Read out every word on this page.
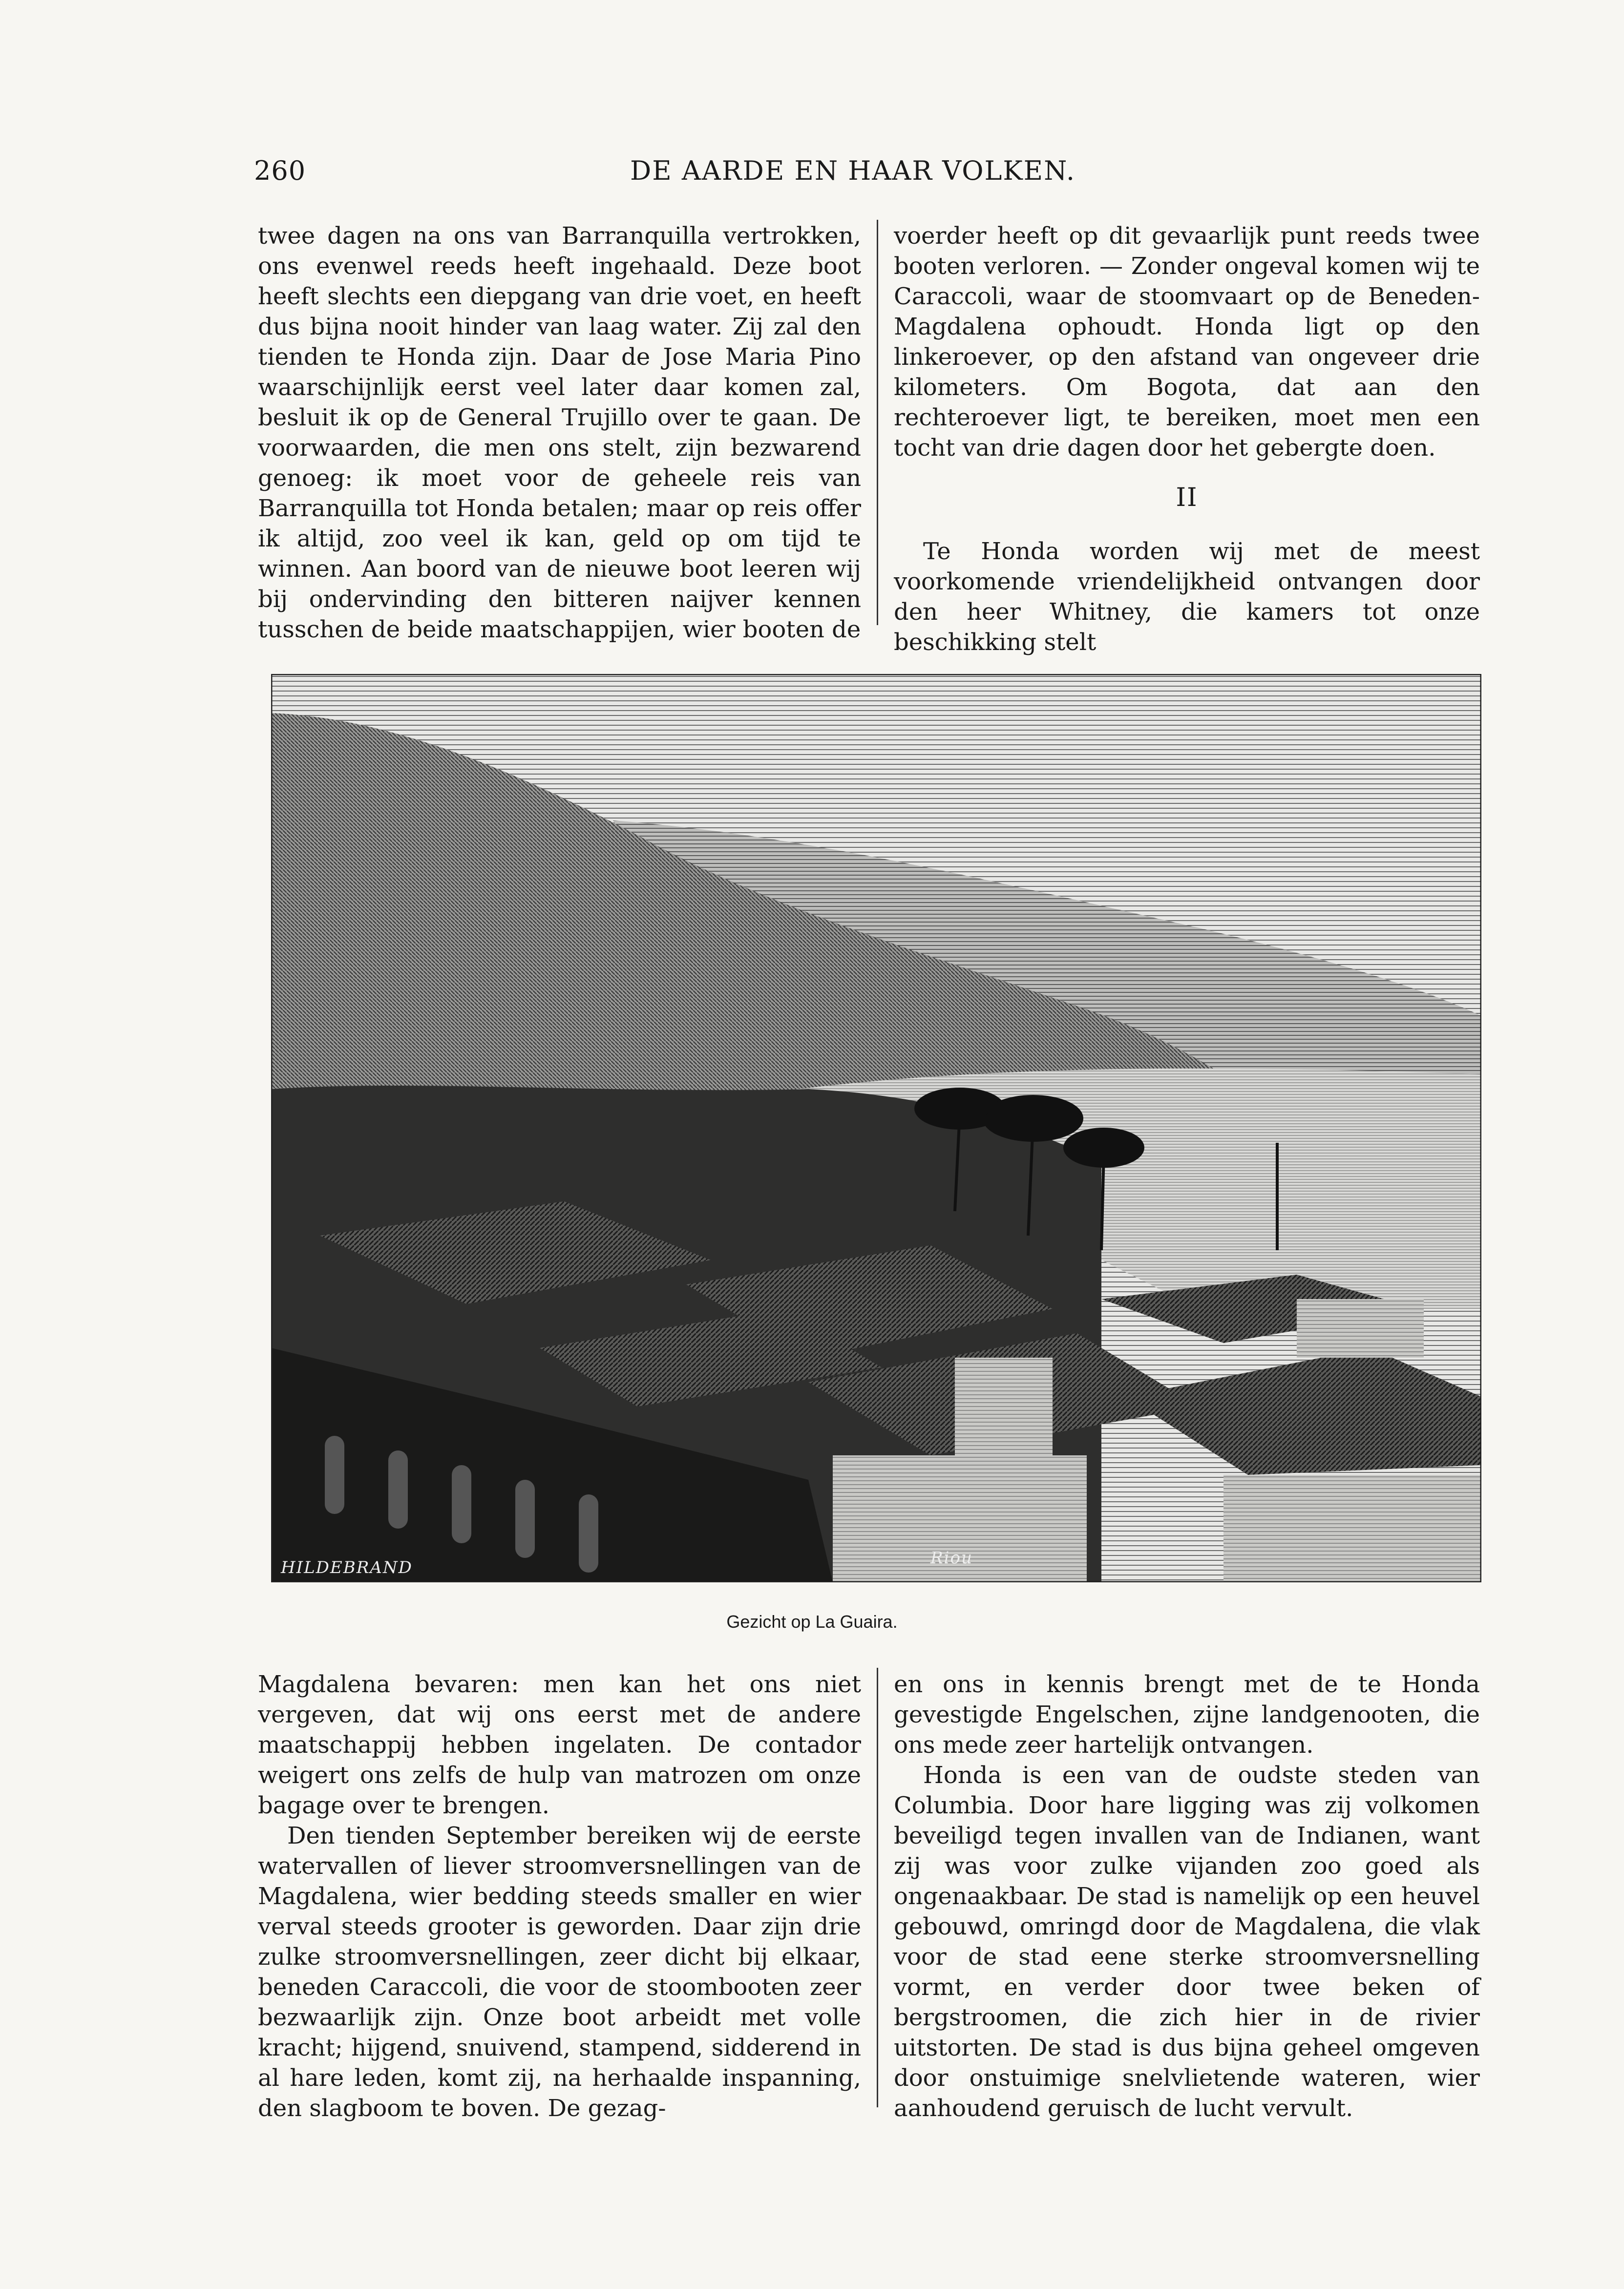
260	DE AARDE EN HAAR VOLKEN.

twee dagen na ons van Barranquilla vertrokken, ons evenwel reeds heeft ingehaald. Deze boot heeft slechts een diepgang van drie voet, en heeft dus bijna nooit hinder van laag water. Zij zal den tienden te Honda zijn. Daar de Jose Maria Pino waarschijnlijk eerst veel later daar komen zal, besluit ik op de General Trujillo over te gaan. De voorwaarden, die men ons stelt, zijn bezwarend genoeg: ik moet voor de geheele reis van Barranquilla tot Honda betalen; maar op reis offer ik altijd, zoo veel ik kan, geld op om tijd te winnen. Aan boord van de nieuwe boot leeren wij bij ondervinding den bitteren naijver kennen tusschen de beide maatschappijen, wier booten de

voerder heeft op dit gevaarlijk punt reeds twee booten verloren. — Zonder ongeval komen wij te Caraccoli, waar de stoomvaart op de Beneden-Magdalena ophoudt. Honda ligt op den linkeroever, op den afstand van ongeveer drie kilometers. Om Bogota, dat aan den rechteroever ligt, te bereiken, moet men een tocht van drie dagen door het gebergte doen.

II

Te Honda worden wij met de meest voorkomende vriendelijkheid ontvangen door den heer Whitney, die kamers tot onze beschikking stelt

HILDEBRAND	Riou
Gezicht op La Guaira.

Magdalena bevaren: men kan het ons niet vergeven, dat wij ons eerst met de andere maatschappij hebben ingelaten. De contador weigert ons zelfs de hulp van matrozen om onze bagage over te brengen.

Den tienden September bereiken wij de eerste watervallen of liever stroomversnellingen van de Magdalena, wier bedding steeds smaller en wier verval steeds grooter is geworden. Daar zijn drie zulke stroomversnellingen, zeer dicht bij elkaar, beneden Caraccoli, die voor de stoombooten zeer bezwaarlijk zijn. Onze boot arbeidt met volle kracht; hijgend, snuivend, stampend, sidderend in al hare leden, komt zij, na herhaalde inspanning, den slagboom te boven. De gezag-

en ons in kennis brengt met de te Honda gevestigde Engelschen, zijne landgenooten, die ons mede zeer hartelijk ontvangen.

Honda is een van de oudste steden van Columbia. Door hare ligging was zij volkomen beveiligd tegen invallen van de Indianen, want zij was voor zulke vijanden zoo goed als ongenaakbaar. De stad is namelijk op een heuvel gebouwd, omringd door de Magdalena, die vlak voor de stad eene sterke stroomversnelling vormt, en verder door twee beken of bergstroomen, die zich hier in de rivier uitstorten. De stad is dus bijna geheel omgeven door onstuimige snelvlietende wateren, wier aanhoudend geruisch de lucht vervult.
